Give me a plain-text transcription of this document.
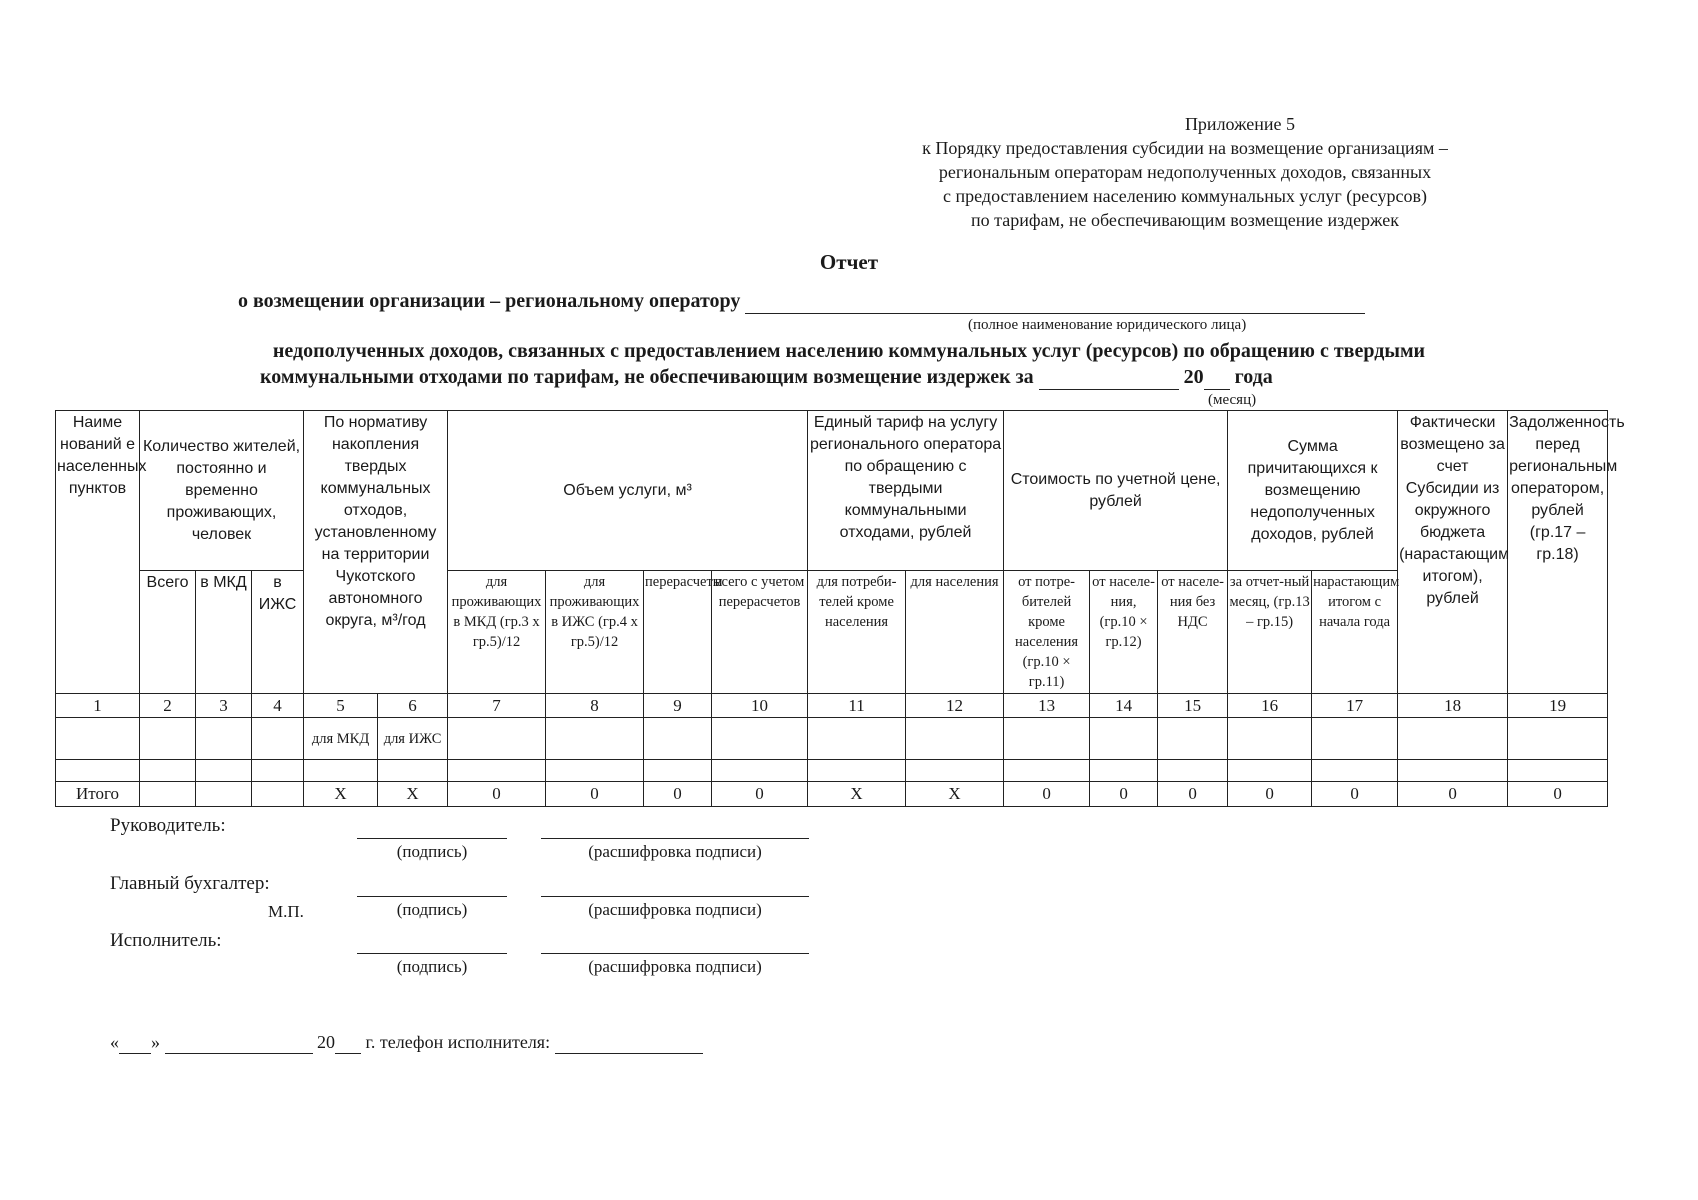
Приложение 5
к Порядку предоставления субсидии на возмещение организациям –
региональным операторам недополученных доходов, связанных
с предоставлением населению коммунальных услуг (ресурсов)
по тарифам, не обеспечивающим возмещение издержек
Отчет
о возмещении организации – региональному оператору
(полное наименование юридического лица)
недополученных доходов, связанных с предоставлением населению коммунальных услуг (ресурсов) по обращению с твердыми
коммунальными отходами по тарифам, не обеспечивающим возмещение издержек за	20 года
(месяц)
Наиме нований е населенных пунктов	Количество жителей, постоянно и временно проживающих, человек			По нормативу накопления твердых коммунальных отходов, установленному на территории Чукотского автономного округа, м³/год		Объем услуги, м³				Единый тариф на услугу регионального оператора по обращению с твердыми коммунальными отходами, рублей		Стоимость по учетной цене, рублей			Сумма причитающихся к возмещению недополученных доходов, рублей		Фактически возмещено за счет Субсидии из окружного бюджета (нарастающим итогом), рублей	Задолженность перед региональным оператором, рублей (гр.17 – гр.18)
	Всего	в МКД	в ИЖС			для проживающих в МКД (гр.3 х гр.5)/12	для проживающих в ИЖС (гр.4 х гр.5)/12	перерасчеты	всего с учетом перерасчетов	для потреби-телей кроме населения	для населения	от потре-бителей кроме населения (гр.10 × гр.11)	от населе-ния, (гр.10 × гр.12)	от населе-ния без НДС	за отчет-ный месяц, (гр.13 – гр.15)	нарастающим итогом с начала года		
1	2	3	4	5	6	7	8	9	10	11	12	13	14	15	16	17	18	19
				для МКД	для ИЖС													

Итого				X	X	0	0	0	0	X	X	0	0	0	0	0	0	0
Руководитель:
(подпись)	(расшифровка подписи)
Главный бухгалтер:
М.П.	(подпись)	(расшифровка подписи)
Исполнитель:
(подпись)	(расшифровка подписи)
« »	20 г. телефон исполнителя:
